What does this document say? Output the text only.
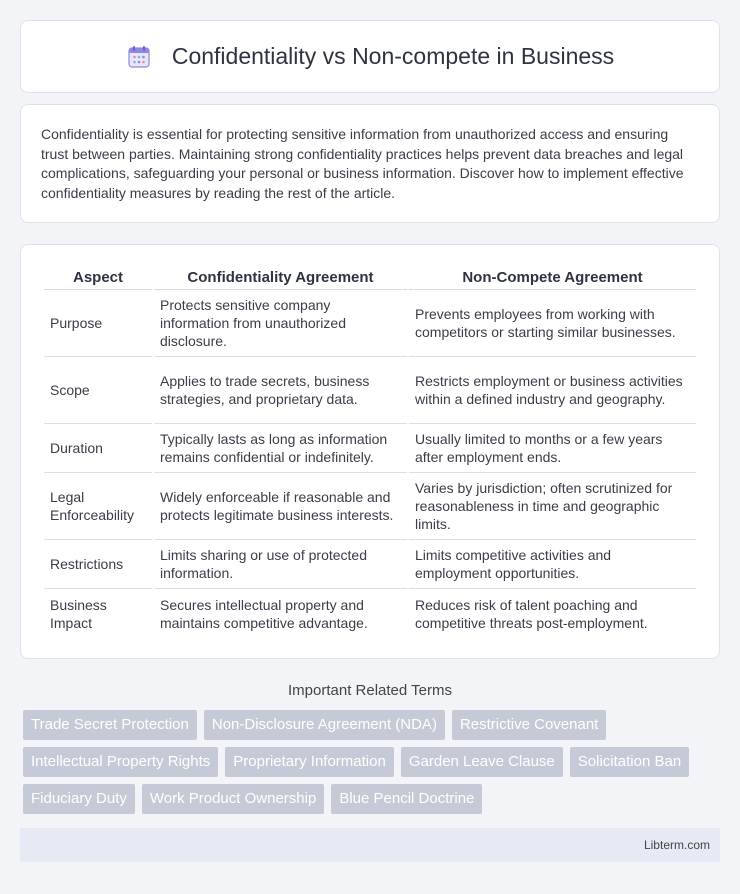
Confidentiality vs Non-compete in Business

Confidentiality is essential for protecting sensitive information from unauthorized access and ensuring trust between parties. Maintaining strong confidentiality practices helps prevent data breaches and legal complications, safeguarding your personal or business information. Discover how to implement effective confidentiality measures by reading the rest of the article.

Aspect	Confidentiality Agreement	Non-Compete Agreement
Purpose	Protects sensitive company information from unauthorized disclosure.	Prevents employees from working with competitors or starting similar businesses.
Scope	Applies to trade secrets, business strategies, and proprietary data.	Restricts employment or business activities within a defined industry and geography.
Duration	Typically lasts as long as information remains confidential or indefinitely.	Usually limited to months or a few years after employment ends.
Legal Enforceability	Widely enforceable if reasonable and protects legitimate business interests.	Varies by jurisdiction; often scrutinized for reasonableness in time and geographic limits.
Restrictions	Limits sharing or use of protected information.	Limits competitive activities and employment opportunities.
Business Impact	Secures intellectual property and maintains competitive advantage.	Reduces risk of talent poaching and competitive threats post-employment.
Important Related Terms
Trade Secret Protection	Non-Disclosure Agreement (NDA)	Restrictive Covenant
Intellectual Property Rights	Proprietary Information	Garden Leave Clause	Solicitation Ban
Fiduciary Duty	Work Product Ownership	Blue Pencil Doctrine
Libterm.com
